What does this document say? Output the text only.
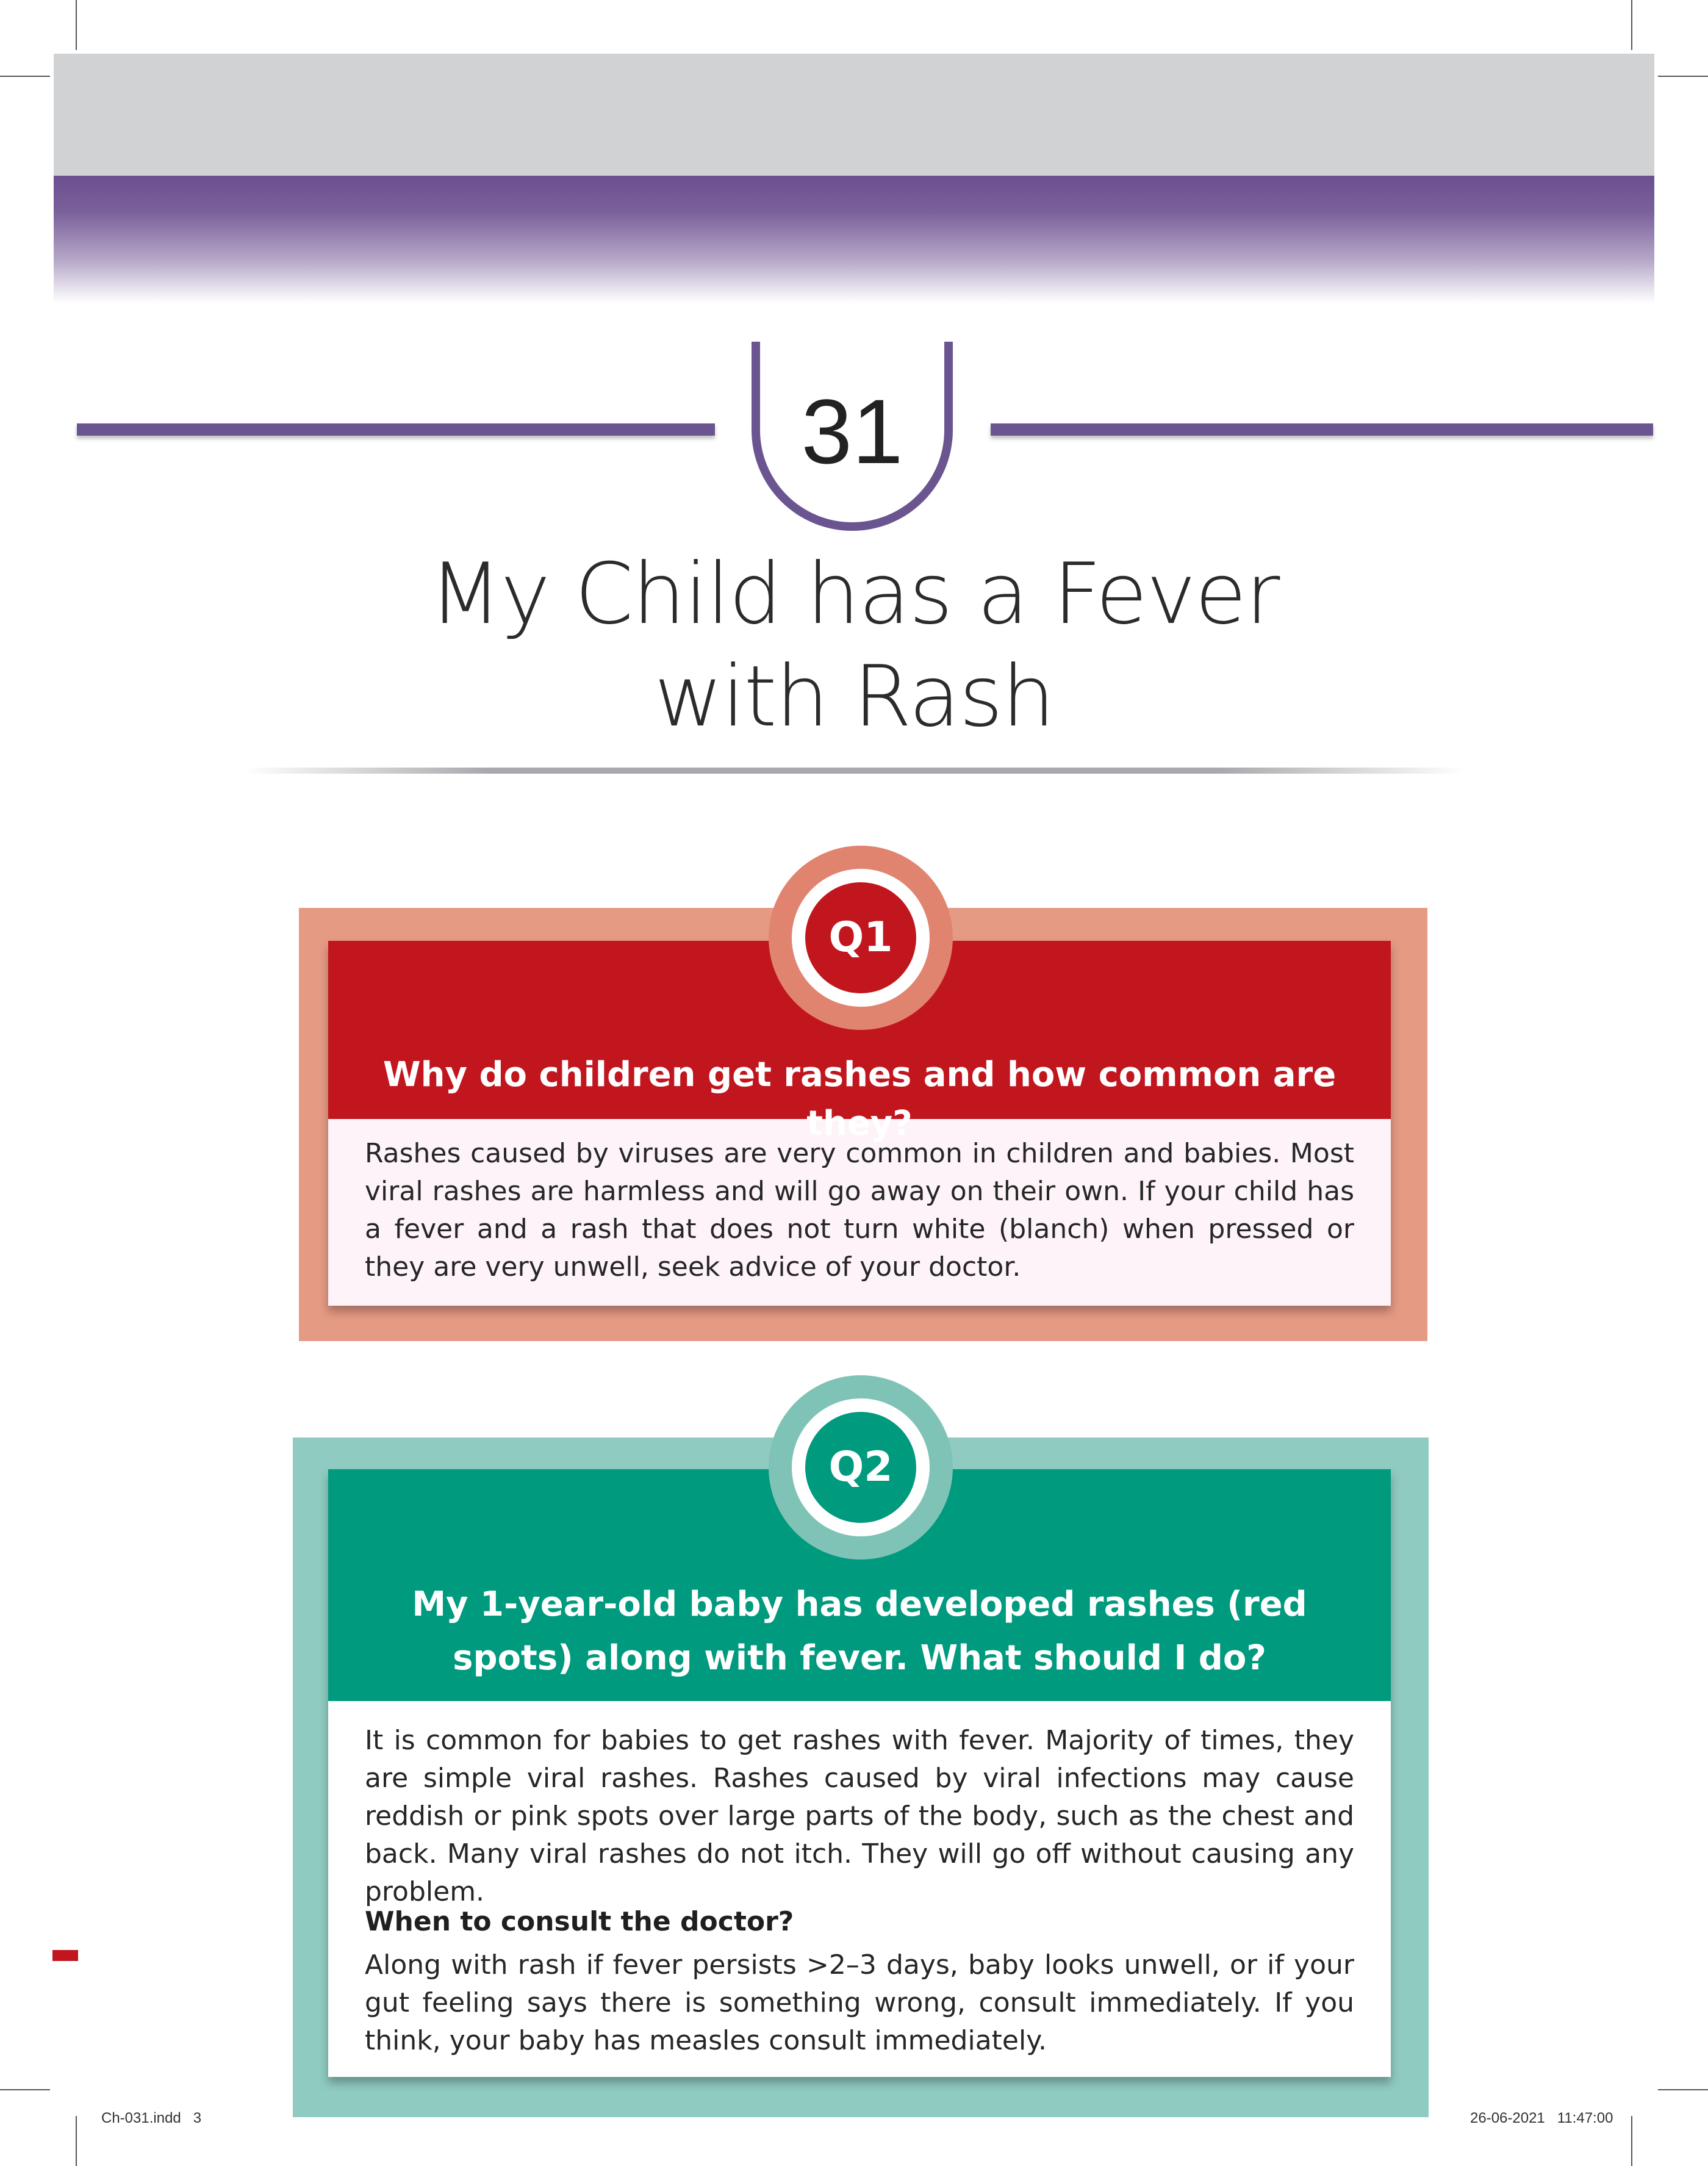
31
My Child has a Fever
with Rash
Why do children get rashes and how common are they?
Rashes caused by viruses are very common in children and babies. Most viral rashes are harmless and will go away on their own. If your child has a fever and a rash that does not turn white (blanch) when pressed or they are very unwell, seek advice of your doctor.
Q1
My 1-year-old baby has developed rashes (red
spots) along with fever. What should I do?
It is common for babies to get rashes with fever. Majority of times, they are simple viral rashes. Rashes caused by viral infections may cause reddish or pink spots over large parts of the body, such as the chest and back. Many viral rashes do not itch. They will go off without causing any problem.
When to consult the doctor?
Along with rash if fever persists >2–3 days, baby looks unwell, or if your gut feeling says there is something wrong, consult immediately. If you think, your baby has measles consult immediately.
Q2
Ch-031.indd   3	26-06-2021   11:47:00
